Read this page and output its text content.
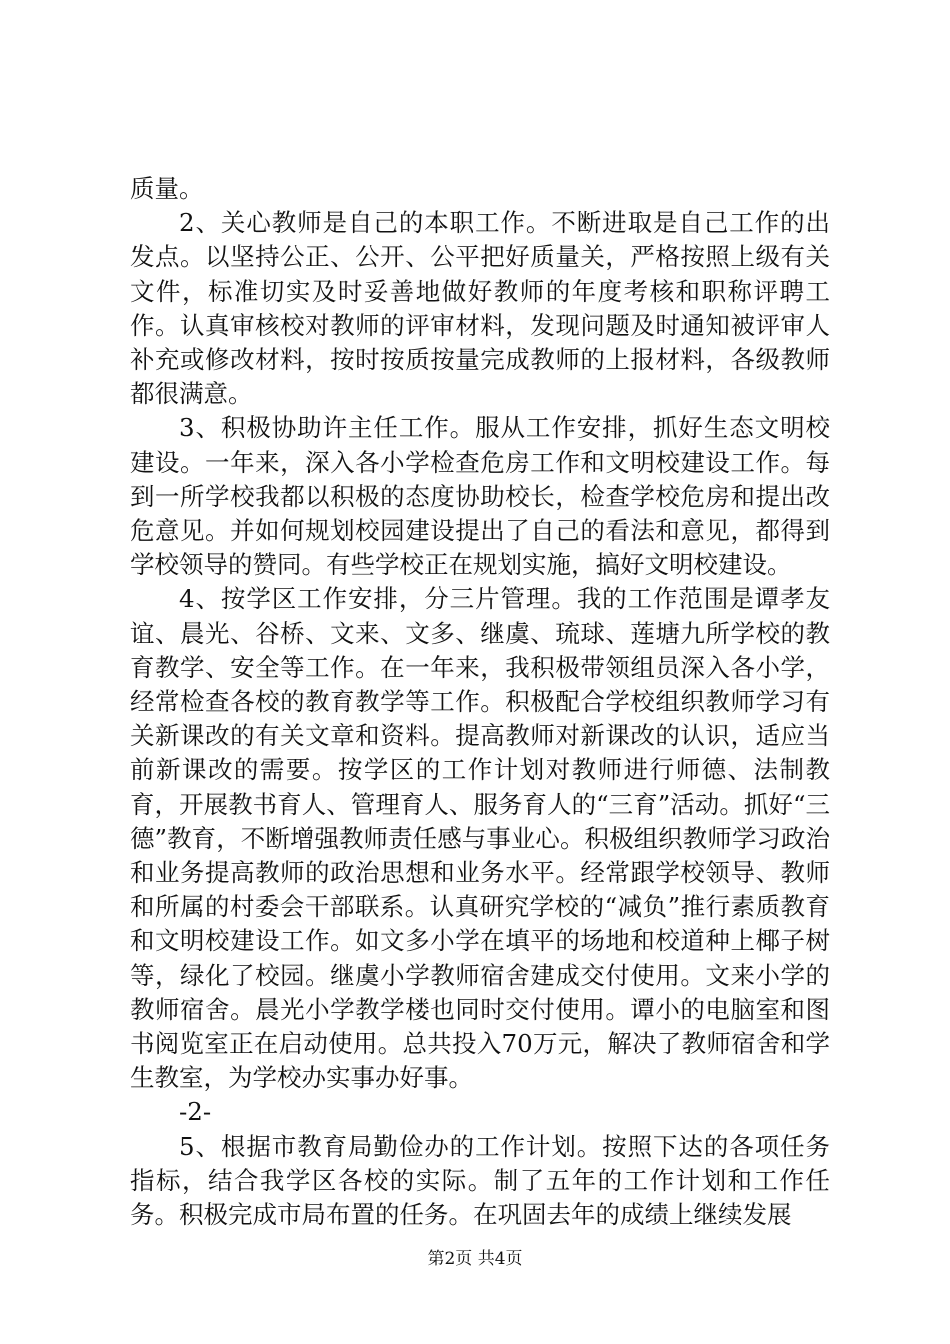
质量。

2、关心教师是自己的本职工作。不断进取是自己工作的出发点。以坚持公正、公开、公平把好质量关，严格按照上级有关文件，标准切实及时妥善地做好教师的年度考核和职称评聘工作。认真审核校对教师的评审材料，发现问题及时通知被评审人补充或修改材料，按时按质按量完成教师的上报材料，各级教师都很满意。

3、积极协助许主任工作。服从工作安排，抓好生态文明校建设。一年来，深入各小学检查危房工作和文明校建设工作。每到一所学校我都以积极的态度协助校长，检查学校危房和提出改危意见。并如何规划校园建设提出了自己的看法和意见，都得到学校领导的赞同。有些学校正在规划实施，搞好文明校建设。

4、按学区工作安排，分三片管理。我的工作范围是谭孝友谊、晨光、谷桥、文来、文多、继虞、琉球、莲塘九所学校的教育教学、安全等工作。在一年来，我积极带领组员深入各小学，经常检查各校的教育教学等工作。积极配合学校组织教师学习有关新课改的有关文章和资料。提高教师对新课改的认识，适应当前新课改的需要。按学区的工作计划对教师进行师德、法制教育，开展教书育人、管理育人、服务育人的“三育”活动。抓好“三德”教育，不断增强教师责任感与事业心。积极组织教师学习政治和业务提高教师的政治思想和业务水平。经常跟学校领导、教师和所属的村委会干部联系。认真研究学校的“减负”推行素质教育和文明校建设工作。如文多小学在填平的场地和校道种上椰子树等，绿化了校园。继虞小学教师宿舍建成交付使用。文来小学的教师宿舍。晨光小学教学楼也同时交付使用。谭小的电脑室和图书阅览室正在启动使用。总共投入70万元，解决了教师宿舍和学生教室，为学校办实事办好事。

-2-

5、根据市教育局勤俭办的工作计划。按照下达的各项任务指标，结合我学区各校的实际。制了五年的工作计划和工作任务。积极完成市局布置的任务。在巩固去年的成绩上继续发展

第2页 共4页
